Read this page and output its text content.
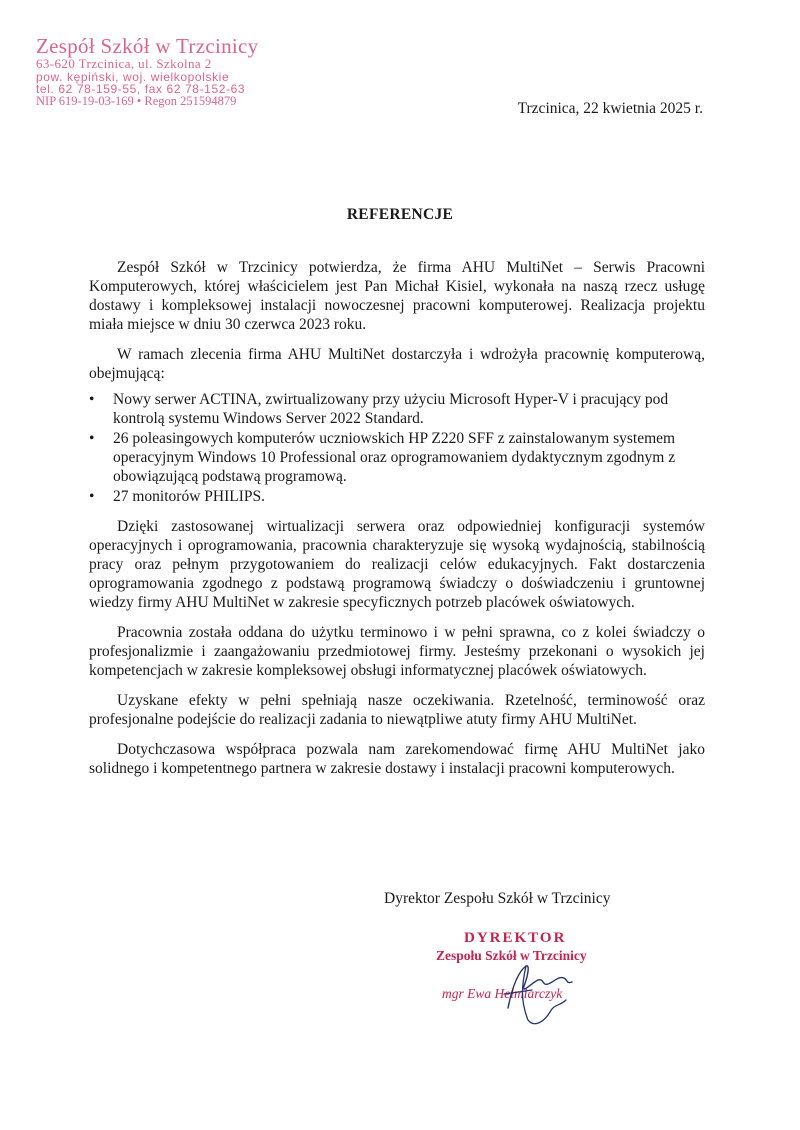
Zespół Szkół w Trzcinicy
63-620 Trzcinica, ul. Szkolna 2
pow. kępiński, woj. wielkopolskie
tel. 62 78-159-55, fax 62 78-152-63
NIP 619-19-03-169 • Regon 251594879	Trzcinica, 22 kwietnia 2025 r.
REFERENCJE

Zespół Szkół w Trzcinicy potwierdza, że firma AHU MultiNet – Serwis Pracowni Komputerowych, której właścicielem jest Pan Michał Kisiel, wykonała na naszą rzecz usługę dostawy i kompleksowej instalacji nowoczesnej pracowni komputerowej. Realizacja projektu miała miejsce w dniu 30 czerwca 2023 roku.

W ramach zlecenia firma AHU MultiNet dostarczyła i wdrożyła pracownię komputerową, obejmującą:

• Nowy serwer ACTINA, zwirtualizowany przy użyciu Microsoft Hyper-V i pracujący pod kontrolą systemu Windows Server 2022 Standard.
• 26 poleasingowych komputerów uczniowskich HP Z220 SFF z zainstalowanym systemem operacyjnym Windows 10 Professional oraz oprogramowaniem dydaktycznym zgodnym z obowiązującą podstawą programową.
• 27 monitorów PHILIPS.

Dzięki zastosowanej wirtualizacji serwera oraz odpowiedniej konfiguracji systemów operacyjnych i oprogramowania, pracownia charakteryzuje się wysoką wydajnością, stabilnością pracy oraz pełnym przygotowaniem do realizacji celów edukacyjnych. Fakt dostarczenia oprogramowania zgodnego z podstawą programową świadczy o doświadczeniu i gruntownej wiedzy firmy AHU MultiNet w zakresie specyficznych potrzeb placówek oświatowych.

Pracownia została oddana do użytku terminowo i w pełni sprawna, co z kolei świadczy o profesjonalizmie i zaangażowaniu przedmiotowej firmy. Jesteśmy przekonani o wysokich jej kompetencjach w zakresie kompleksowej obsługi informatycznej placówek oświatowych.

Uzyskane efekty w pełni spełniają nasze oczekiwania. Rzetelność, terminowość oraz profesjonalne podejście do realizacji zadania to niewątpliwe atuty firmy AHU MultiNet.

Dotychczasowa współpraca pozwala nam zarekomendować firmę AHU MultiNet jako solidnego i kompetentnego partnera w zakresie dostawy i instalacji pracowni komputerowych.

Dyrektor Zespołu Szkół w Trzcinicy
DYREKTOR
Zespołu Szkół w Trzcinicy
mgr Ewa Hełmiarczyk
